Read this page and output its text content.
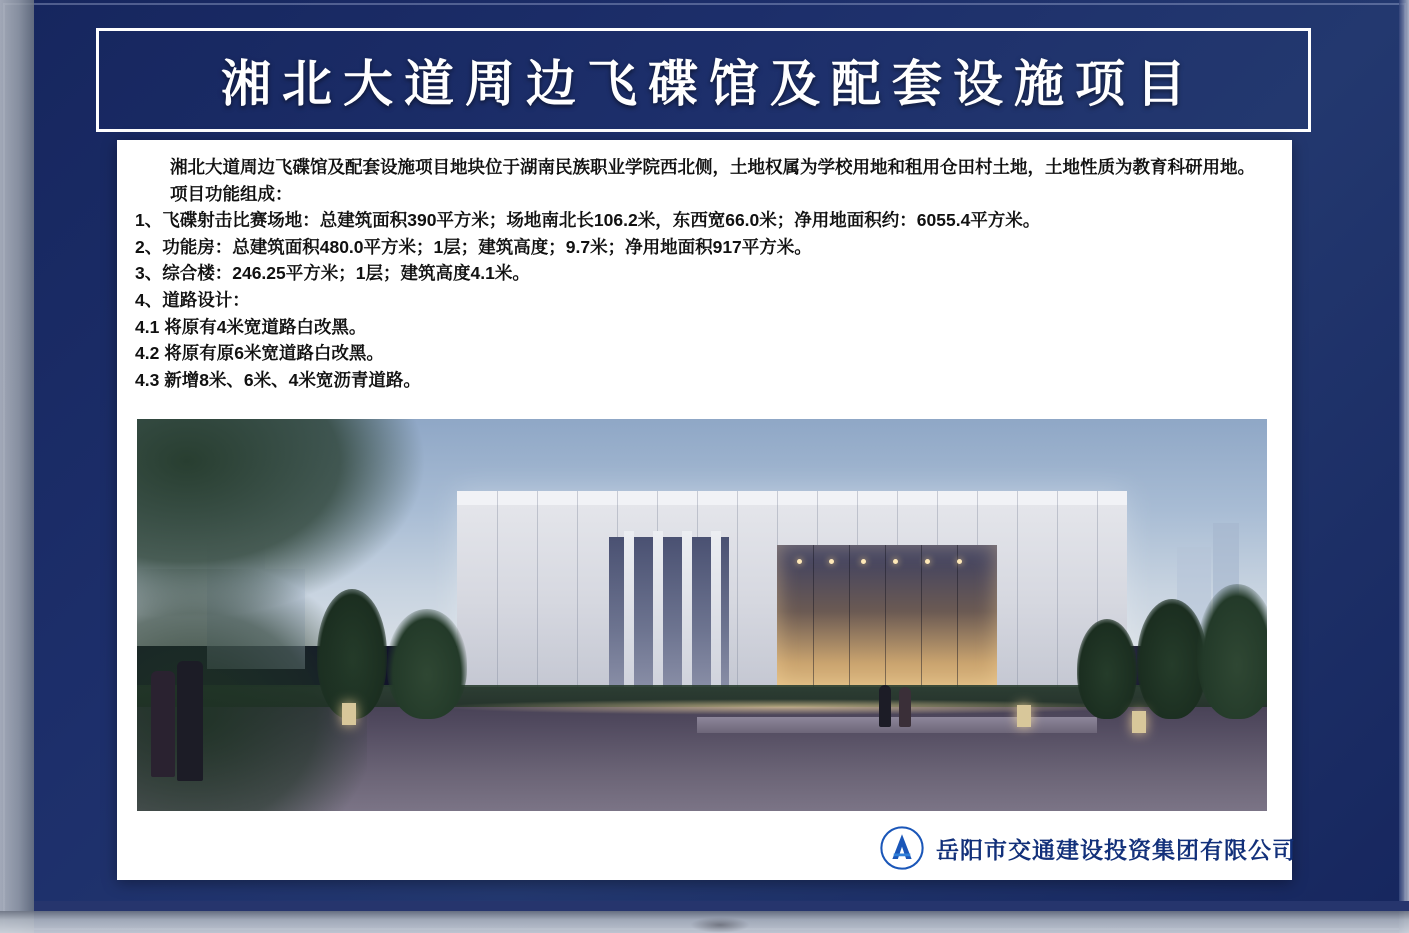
湘北大道周边飞碟馆及配套设施项目

湘北大道周边飞碟馆及配套设施项目地块位于湖南民族职业学院西北侧，土地权属为学校用地和租用仓田村土地，土地性质为教育科研用地。

项目功能组成：

1、飞碟射击比赛场地：总建筑面积390平方米；场地南北长106.2米，东西宽66.0米；净用地面积约：6055.4平方米。

2、功能房：总建筑面积480.0平方米；1层；建筑高度；9.7米；净用地面积917平方米。

3、综合楼：246.25平方米；1层；建筑高度4.1米。

4、道路设计：

4.1 将原有4米宽道路白改黑。

4.2 将原有原6米宽道路白改黑。

4.3 新增8米、6米、4米宽沥青道路。

岳阳市交通建设投资集团有限公司
